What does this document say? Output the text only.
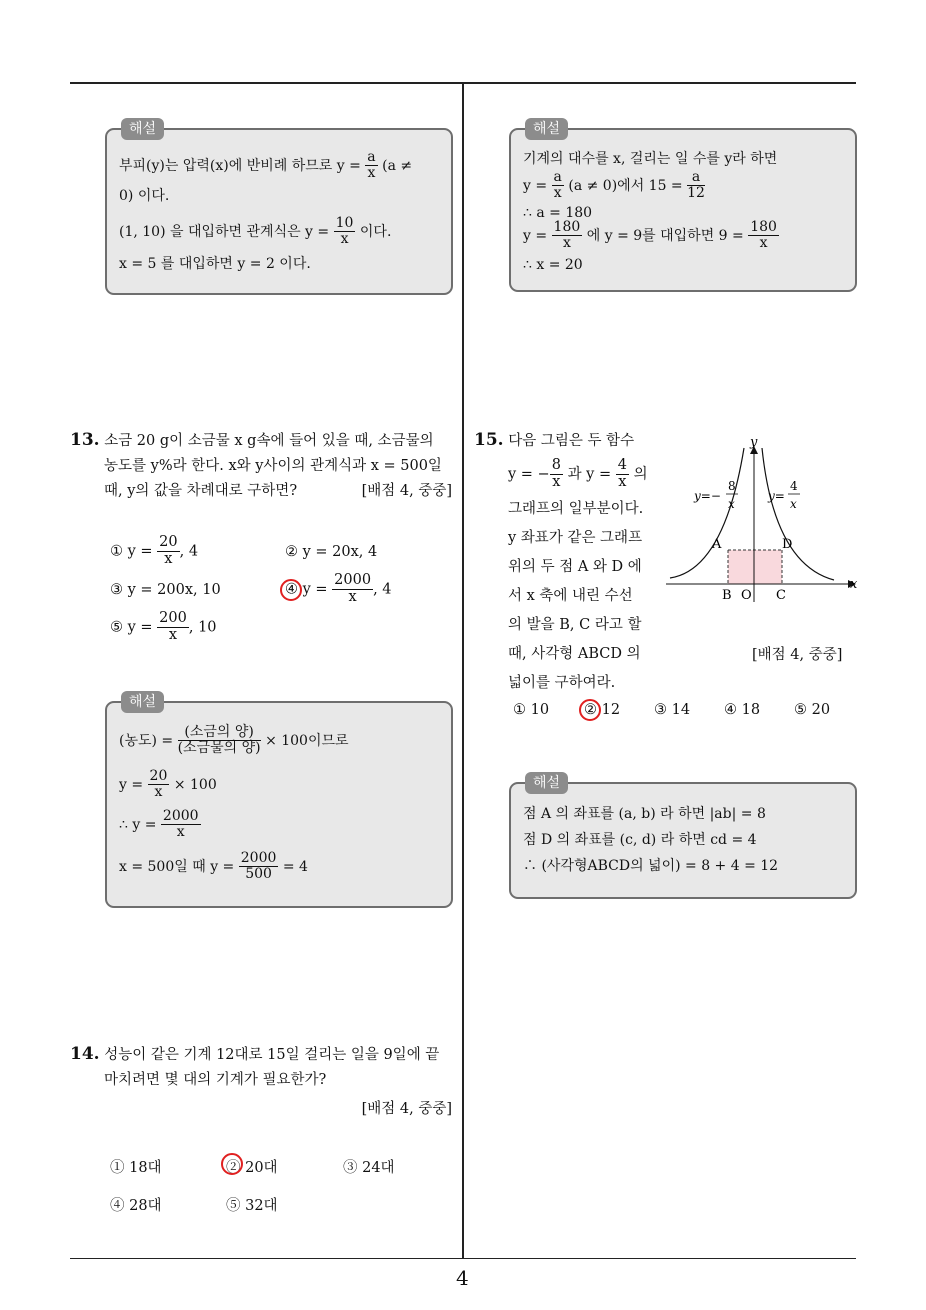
해설
부피(y)는 압력(x)에 반비례 하므로 $y = \frac{a}{x} (a$ ≠
0) 이다.
(1, 10) 을 대입하면 관계식은 $y = \frac{10}{x}$ 이다.
x = 5 를 대입하면 y = 2 이다.
해설
기계의 대수를 x, 걸리는 일 수를 y라 하면
$y = \frac{a}{x} (a \ne 0)$에서 $15 = \frac{a}{12}$
∴ a = 180
$y = \frac{180}{x}$ 에 y = 9를 대입하면 $9 = \frac{180}{x}$
∴ x = 20
13. 소금 20 g이 소금물 x g속에 들어 있을 때, 소금물의
농도를 y%라 한다. x와 y사이의 관계식과 x = 500일
때, y의 값을 차례대로 구하면?	[배점 4, 중중]
① $y = \frac{20}{x}$ , 4	② y = 20x, 4
③ y = 200x, 10	④ $y = \frac{2000}{x}$ , 4
⑤ $y = \frac{200}{x}$ , 10
해설
(농도) = $\frac{\text{(소금의 양)}}{\text{(소금물의 양)}} \times 100$이므로
$y = \frac{20}{x} \times 100$
∴ $y = \frac{2000}{x}$
x = 500일 때 $y = \frac{2000}{500} = 4$
14. 성능이 같은 기계 12대로 15일 걸리는 일을 9일에 끝
마치려면 몇 대의 기계가 필요한가?
[배점 4, 중중]
① 18대	② 20대	③ 24대
④ 28대	⑤ 32대
15. 다음 그림은 두 함수
y = − $\frac{8}{x}$ 과 $y = \frac{4}{x}$ 의
그래프의 일부분이다.
y 좌표가 같은 그래프
위의 두 점 A 와 D 에
서 x 축에 내린 수선
의 발을 B, C 라고 할
때, 사각형 ABCD 의
넓이를 구하여라.
[배점 4, 중중]
y
x
A	D
B O C
y=−
8
x
y=
4
x
① 10 ② 12 ③ 14 ④ 18 ⑤ 20
해설
점 A 의 좌표를 (a, b) 라 하면 |ab| = 8
점 D 의 좌표를 (c, d) 라 하면 cd = 4
∴ (사각형ABCD의 넓이) = 8 + 4 = 12
4
